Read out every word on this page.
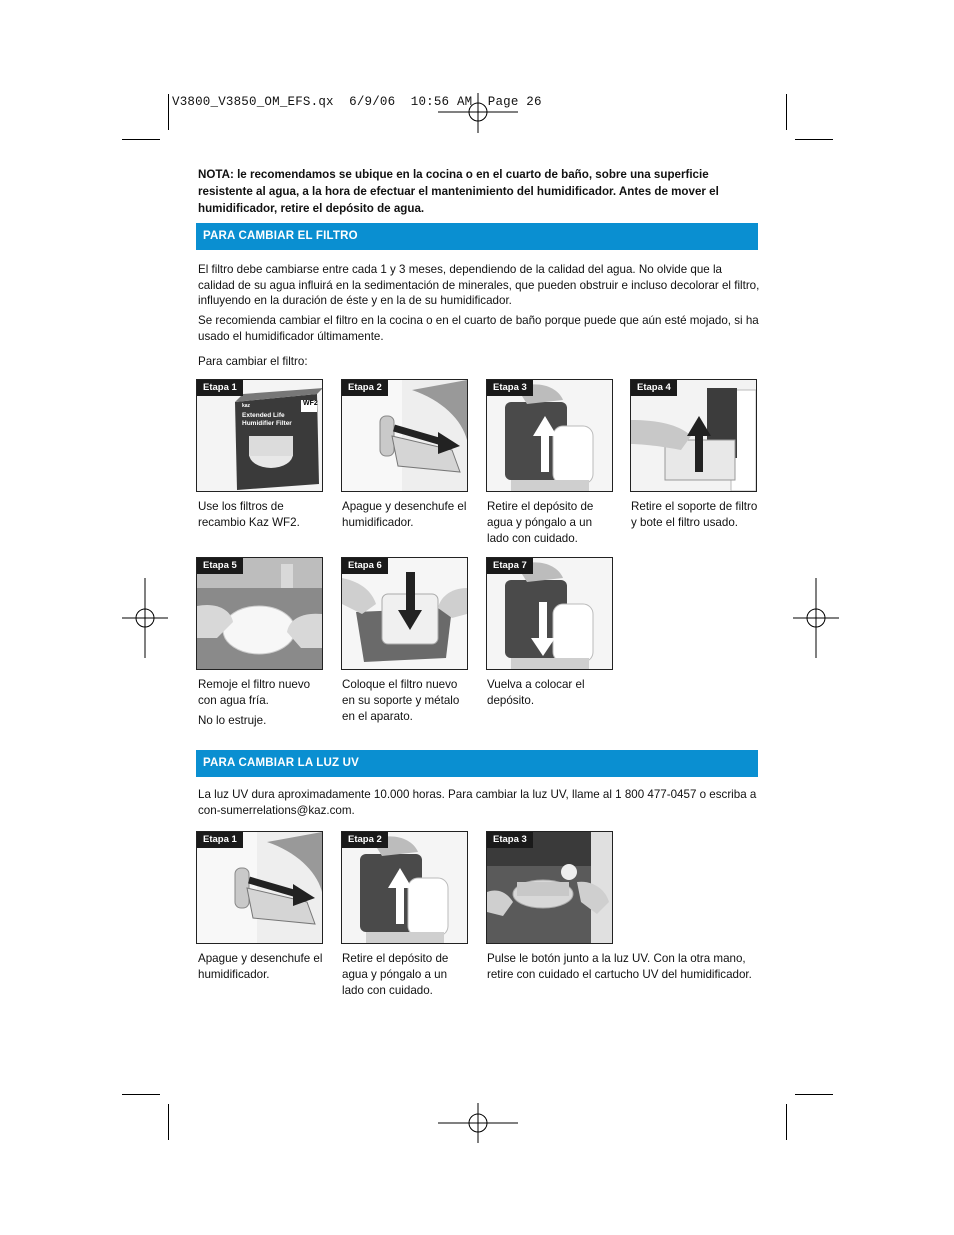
V3800_V3850_OM_EFS.qx  6/9/06  10:56 AM  Page 26
NOTA: le recomendamos se ubique en la cocina o en el cuarto de baño, sobre una superficie resistente al agua, a la hora de efectuar el mantenimiento del humidificador. Antes de mover el humidificador, retire el depósito de agua.
PARA CAMBIAR EL FILTRO
El filtro debe cambiarse entre cada 1 y 3 meses, dependiendo de la calidad del agua. No olvide que la calidad de su agua influirá en la sedimentación de minerales, que pueden obstruir e incluso decolorar el filtro, influyendo en la duración de éste y en la de su humidificador.
Se recomienda cambiar el filtro en la cocina o en el cuarto de baño porque puede que aún esté mojado, si ha usado el humidificador últimamente.
Para cambiar el filtro:
Etapa 1
kaz
Extended Life
Humidifier Filter
WF2
Etapa 2	Etapa 3	Etapa 4
Use los filtros de recambio Kaz WF2.
Apague y desenchufe el humidificador.
Retire el depósito de agua y póngalo a un lado con cuidado.
Retire el soporte de filtro y bote el filtro usado.
Etapa 5	Etapa 6	Etapa 7
Remoje el filtro nuevo con agua fría.
No lo estruje.
Coloque el filtro nuevo en su soporte y métalo en el aparato.
Vuelva a colocar el depósito.
PARA CAMBIAR LA LUZ UV
La luz UV dura aproximadamente 10.000 horas. Para cambiar la luz UV, llame al 1 800 477-0457 o escriba a con-sumerrelations@kaz.com.
Etapa 1	Etapa 2	Etapa 3
Apague y desenchufe el humidificador.
Retire el depósito de agua y póngalo a un lado con cuidado.
Pulse le botón junto a la luz UV. Con la otra mano, retire con cuidado el cartucho UV del humidificador.
